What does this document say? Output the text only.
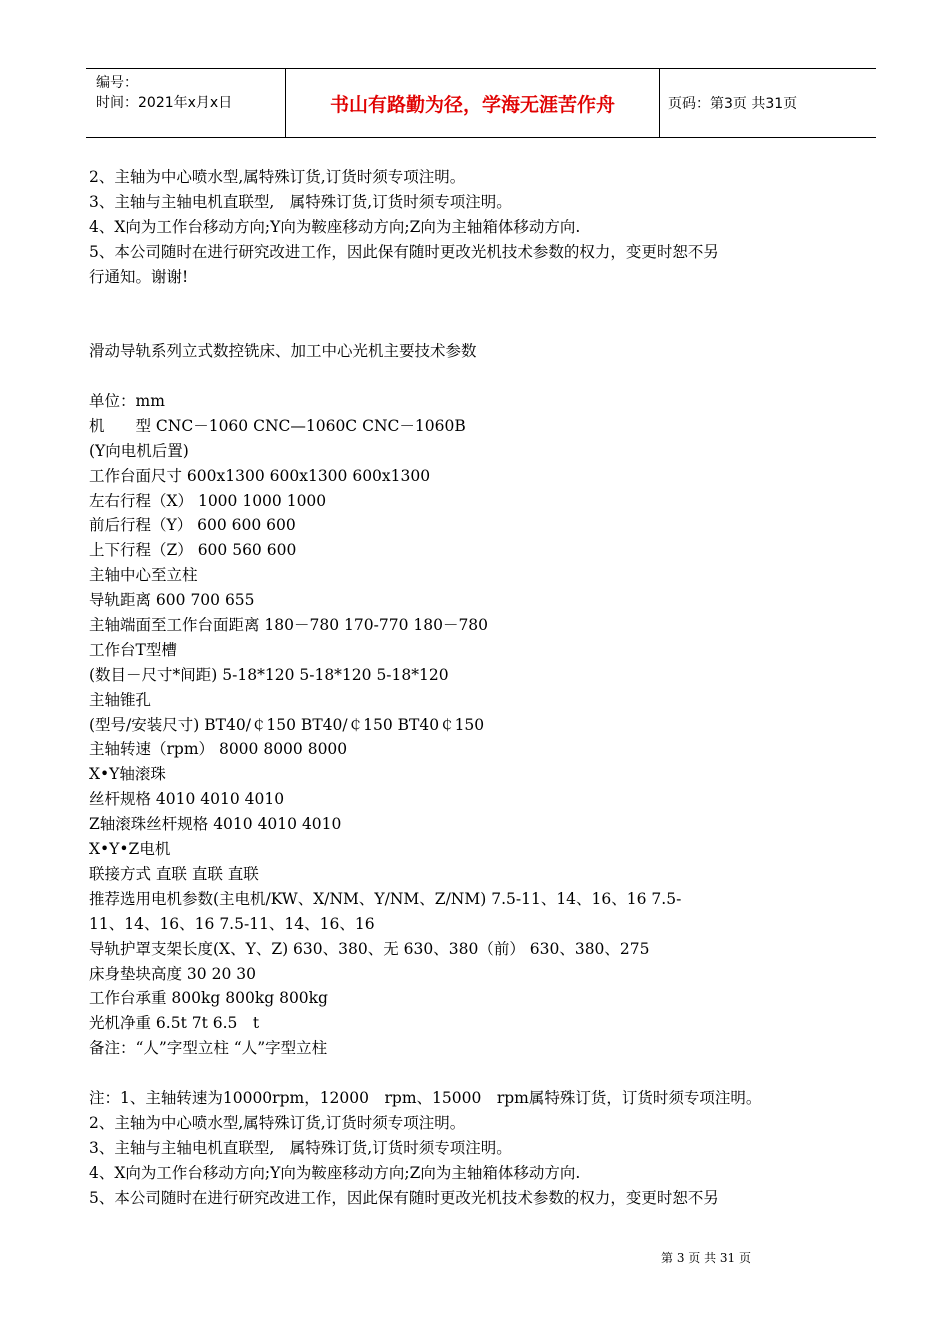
编号：
时间：2021年x月x日	书山有路勤为径，学海无涯苦作舟	页码：第3页 共31页
2、主轴为中心喷水型,属特殊订货,订货时须专项注明。
3、主轴与主轴电机直联型,　属特殊订货,订货时须专项注明。
4、X向为工作台移动方向;Y向为鞍座移动方向;Z向为主轴箱体移动方向.
5、本公司随时在进行研究改进工作，因此保有随时更改光机技术参数的权力，变更时恕不另
行通知。谢谢!
滑动导轨系列立式数控铣床、加工中心光机主要技术参数
单位：mm
机　　型 CNC－1060 CNC—1060C CNC－1060B
(Y向电机后置)
工作台面尺寸 600x1300 600x1300 600x1300
左右行程（X） 1000 1000 1000
前后行程（Y） 600 600 600
上下行程（Z） 600 560 600
主轴中心至立柱
导轨距离 600 700 655
主轴端面至工作台面距离 180－780 170-770 180－780
工作台T型槽
(数目－尺寸*间距) 5-18*120 5-18*120 5-18*120
主轴锥孔
(型号/安装尺寸) BT40/￠150 BT40/￠150 BT40￠150
主轴转速（rpm） 8000 8000 8000
X•Y轴滚珠
丝杆规格 4010 4010 4010
Z轴滚珠丝杆规格 4010 4010 4010
X•Y•Z电机
联接方式 直联 直联 直联
推荐选用电机参数(主电机/KW、X/NM、Y/NM、Z/NM) 7.5-11、14、16、16 7.5-
11、14、16、16 7.5-11、14、16、16
导轨护罩支架长度(X、Y、Z) 630、380、无 630、380（前） 630、380、275
床身垫块高度 30 20 30
工作台承重 800kg 800kg 800kg
光机净重 6.5t 7t 6.5　t
备注：“人”字型立柱 “人”字型立柱
注：1、主轴转速为10000rpm，12000　rpm、15000　rpm属特殊订货，订货时须专项注明。
2、主轴为中心喷水型,属特殊订货,订货时须专项注明。
3、主轴与主轴电机直联型,　属特殊订货,订货时须专项注明。
4、X向为工作台移动方向;Y向为鞍座移动方向;Z向为主轴箱体移动方向.
5、本公司随时在进行研究改进工作，因此保有随时更改光机技术参数的权力，变更时恕不另
第 3 页 共 31 页
